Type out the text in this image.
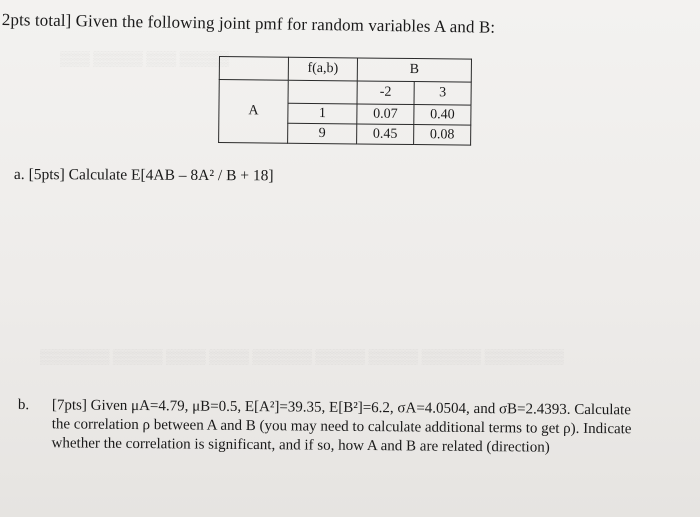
▒▒▒ ▒▒▒▒▒ ▒▒▒ ▒▒▒▒▒
▒▒▒▒▒▒▒ ▒▒▒▒▒ ▒▒▒▒ ▒▒▒▒ ▒▒▒▒▒▒ ▒▒▒▒▒ ▒▒▒▒▒ ▒▒▒▒▒▒ ▒▒▒▒▒▒▒▒
2pts total] Given the following joint pmf for random variables A and B:
	f(a,b)	B	
A		-2	3
	1	0.07	0.40
	9	0.45	0.08
a. [5pts] Calculate E[4AB – 8A² / B + 18]
b. [7pts] Given μA=4.79, μB=0.5, E[A²]=39.35, E[B²]=6.2, σA=4.0504, and σB=2.4393. Calculate
the correlation ρ between A and B (you may need to calculate additional terms to get ρ). Indicate
whether the correlation is significant, and if so, how A and B are related (direction)
